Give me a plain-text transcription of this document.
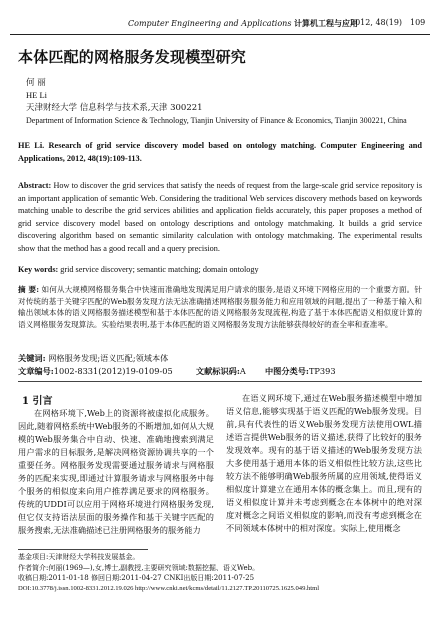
Computer Engineering and Applications 计算机工程与应用
2012, 48(19) 109
本体匹配的网格服务发现模型研究
何 丽
HE Li
天津财经大学 信息科学与技术系,天津 300221
Department of Information Science & Technology, Tianjin University of Finance & Economics, Tianjin 300221, China
HE Li. Research of grid service discovery model based on ontology matching. Computer Engineering and Applications, 2012, 48(19):109-113.
Abstract: How to discover the grid services that satisfy the needs of request from the large-scale grid service repository is an important application of semantic Web. Considering the traditional Web services discovery methods based on keywords matching unable to describe the grid services abilities and application fields accurately, this paper proposes a method of grid service discovery model based on ontology descriptions and ontology matchmaking. It builds a grid service discovering algorithm based on semantic similarity calculation with ontology matchmaking. The experimental results show that the method has a good recall and a query precision.
Key words: grid service discovery; semantic matching; domain ontology
摘 要: 如何从大规模网格服务集合中快速而准确地发现满足用户请求的服务,是语义环境下网格应用的一个重要方面。针对传统的基于关键字匹配的Web服务发现方法无法准确描述网格服务服务能力和应用领域的问题,提出了一种基于输入和输出领域本体的语义网格服务描述模型和基于本体匹配的语义网格服务发现流程,构造了基于本体匹配语义相似度计算的语义网格服务发现算法。实验结果表明,基于本体匹配的语义网格服务发现方法能够获得较好的查全率和查准率。
关键词: 网格服务发现;语义匹配;领域本体
文章编号:1002-8331(2012)19-0109-05	文献标识码:A 中图分类号:TP393
1 引言
在网格环境下,Web上的资源将被虚拟化成服务。因此,随着网格系统中Web服务的不断增加,如何从大规模的Web服务集合中自动、快速、准确地搜索到满足用户需求的目标服务,是解决网格资源协调共享的一个重要任务。网格服务发现需要通过服务请求与网格服务的匹配来实现,即通过计算服务请求与网格服务中每个服务的相似度来向用户推荐满足要求的网格服务。传统的UDDI可以应用于网格环境进行网格服务发现,但它仅支持语法层面的服务操作和基于关键字匹配的服务搜索,无法准确描述已注册网格服务的服务能力
在语义网环境下,通过在Web服务描述模型中增加语义信息,能够实现基于语义匹配的Web服务发现。目前,具有代表性的语义Web服务发现方法使用OWL描述语言提供Web服务的语义描述,获得了比较好的服务发现效率。现有的基于语义描述的Web服务发现方法大多使用基于通用本体的语义相似性比较方法,这些比较方法不能够明确Web服务所属的应用领域,使得语义相似度计算建立在通用本体的概念集上。而且,现有的语义相似度计算并未考虑到概念在本体树中的绝对深度对概念之间语义相似度的影响,而没有考虑到概念在不同领域本体树中的相对深度。实际上,使用概念
基金项目:天津财经大学科技发展基金。
作者简介:何丽(1969—),女,博士,副教授,主要研究领域:数据挖掘、语义Web。
收稿日期:2011-01-18 修回日期:2011-04-27 CNKI出版日期:2011-07-25
DOI:10.3778/j.issn.1002-8331.2012.19.026 http://www.cnki.net/kcms/detail/11.2127.TP.20110725.1625.049.html
